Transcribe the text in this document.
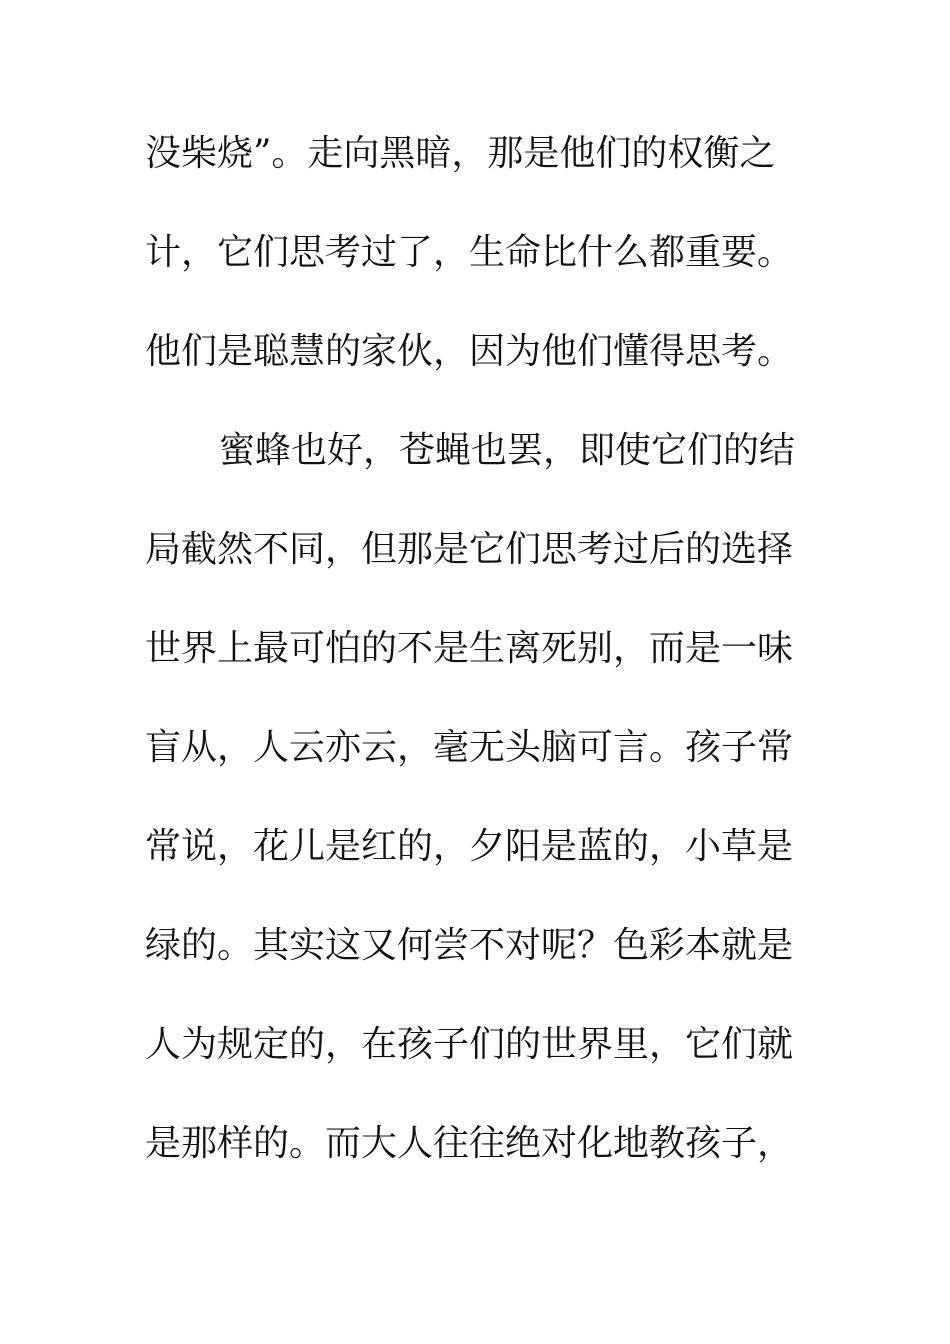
没柴烧”。走向黑暗，那是他们的权衡之
计，它们思考过了，生命比什么都重要。
他们是聪慧的家伙，因为他们懂得思考。
蜜蜂也好，苍蝇也罢，即使它们的结
局截然不同，但那是它们思考过后的选择
世界上最可怕的不是生离死别，而是一味
盲从，人云亦云，毫无头脑可言。孩子常
常说，花儿是红的，夕阳是蓝的，小草是
绿的。其实这又何尝不对呢？色彩本就是
人为规定的，在孩子们的世界里，它们就
是那样的。而大人往往绝对化地教孩子，
